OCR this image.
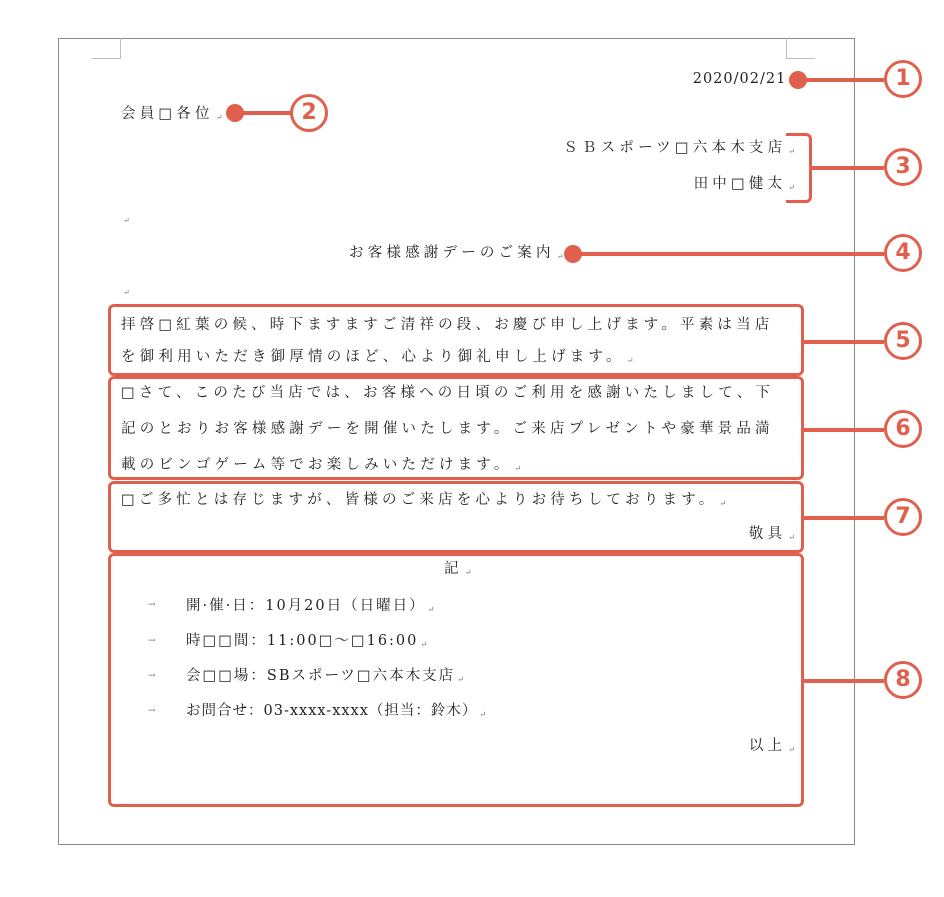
2020/02/21
会員□各位 ↵
ＳＢスポーツ□六本木支店 ↵
田中□健太 ↵
↵
お客様感謝デーのご案内 ↵
↵
拝啓□紅葉の候、時下ますますご清祥の段、お慶び申し上げます。平素は当店
を御利用いただき御厚情のほど、心より御礼申し上げます。 ↵
□さて、このたび当店では、お客様への日頃のご利用を感謝いたしまして、下
記のとおりお客様感謝デーを開催いたします。ご来店プレゼントや豪華景品満
載のビンゴゲーム等でお楽しみいただけます。 ↵
□ご多忙とは存じますが、皆様のご来店を心よりお待ちしております。 ↵
敬具 ↵
記 ↵
→ 開·催·日：10月20日（日曜日） ↵
→ 時□□間：11:00□～□16:00 ↵
→ 会□□場：SBスポーツ□六本木支店 ↵
→ お問合せ：03-xxxx-xxxx（担当：鈴木） ↵
以上 ↵
1
2
3
4
5
6
7
8
